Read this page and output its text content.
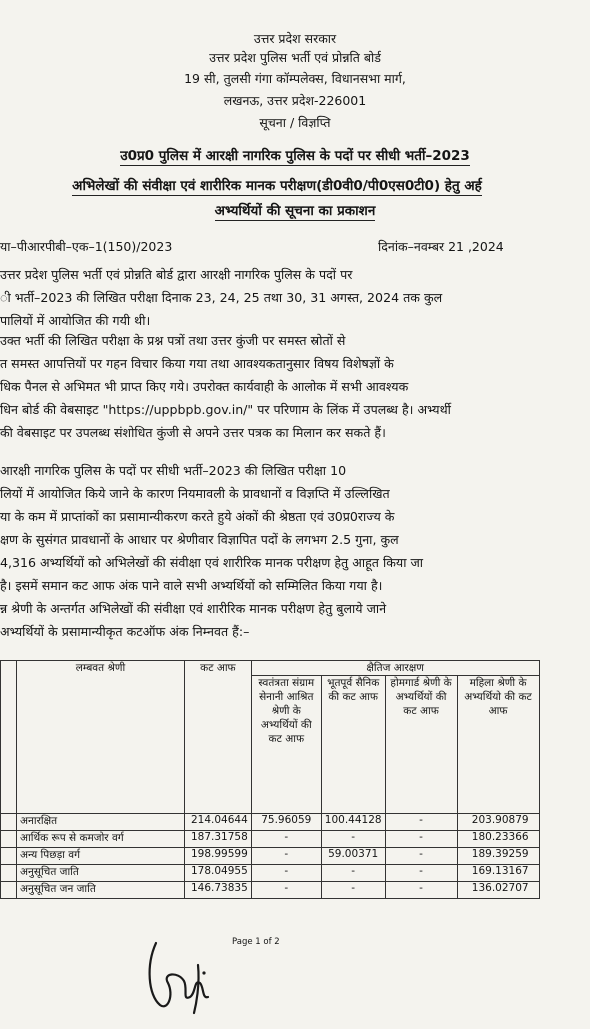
उत्तर प्रदेश सरकार
उत्तर प्रदेश पुलिस भर्ती एवं प्रोन्नति बोर्ड
19 सी, तुलसी गंगा कॉम्पलेक्स, विधानसभा मार्ग,
लखनऊ, उत्तर प्रदेश-226001
सूचना / विज्ञप्ति
उ0प्र0 पुलिस में आरक्षी नागरिक पुलिस के पदों पर सीधी भर्ती–2023
अभिलेखों की संवीक्षा एवं शारीरिक मानक परीक्षण(डी0वी0/पी0एस0टी0) हेतु अर्ह
अभ्यर्थियों की सूचना का प्रकाशन
या–पीआरपीबी–एक–1(150)/2023	दिनांक–नवम्बर 21 ,2024
उत्तर प्रदेश पुलिस भर्ती एवं प्रोन्नति बोर्ड द्वारा आरक्षी नागरिक पुलिस के पदों पर
ी भर्ती–2023 की लिखित परीक्षा दिनाक 23, 24, 25 तथा 30, 31 अगस्त, 2024 तक कुल
पालियों में आयोजित की गयी थी।
उक्त भर्ती की लिखित परीक्षा के प्रश्न पत्रों तथा उत्तर कुंजी पर समस्त स्रोतों से
त समस्त आपत्तियों पर गहन विचार किया गया तथा आवश्यकतानुसार विषय विशेषज्ञों के
धिक पैनल से अभिमत भी प्राप्त किए गये। उपरोक्त कार्यवाही के आलोक में सभी आवश्यक
धिन बोर्ड की वेबसाइट "https://uppbpb.gov.in/" पर परिणाम के लिंक में उपलब्ध है। अभ्यर्थी
की वेबसाइट पर उपलब्ध संशोधित कुंजी से अपने उत्तर पत्रक का मिलान कर सकते हैं।
आरक्षी नागरिक पुलिस के पदों पर सीधी भर्ती–2023 की लिखित परीक्षा 10
लियों में आयोजित किये जाने के कारण नियमावली के प्रावधानों व विज्ञप्ति में उल्लिखित
या के कम में प्राप्तांकों का प्रसामान्यीकरण करते हुये अंकों की श्रेष्ठता एवं उ0प्र0राज्य के
क्षण के सुसंगत प्रावधानों के आधार पर श्रेणीवार विज्ञापित पदों के लगभग 2.5 गुना, कुल
4,316 अभ्यर्थियों को अभिलेखों की संवीक्षा एवं शारीरिक मानक परीक्षण हेतु आहूत किया जा
है। इसमें समान कट आफ अंक पाने वाले सभी अभ्यर्थियों को सम्मिलित किया गया है।
न्न श्रेणी के अन्तर्गत अभिलेखों की संवीक्षा एवं शारीरिक मानक परीक्षण हेतु बुलाये जाने
अभ्यर्थियों के प्रसामान्यीकृत कटऑफ अंक निम्नवत हैं:–
	लम्बवत श्रेणी	कट आफ	क्षैतिज आरक्षण			
			स्वतंत्रता संग्राम सेनानी आश्रित श्रेणी के अभ्यर्थियों की कट आफ	भूतपूर्व सैनिक की कट आफ	होमगार्ड श्रेणी के अभ्यर्थियों की कट आफ	महिला श्रेणी के अभ्यर्थियो की कट आफ
	अनारक्षित	214.04644	75.96059	100.44128	-	203.90879
	आर्थिक रूप से कमजोर वर्ग	187.31758	-	-	-	180.23366
	अन्य पिछड़ा वर्ग	198.99599	-	59.00371	-	189.39259
	अनुसूचित जाति	178.04955	-	-	-	169.13167
	अनुसूचित जन जाति	146.73835	-	-	-	136.02707
Page 1 of 2
